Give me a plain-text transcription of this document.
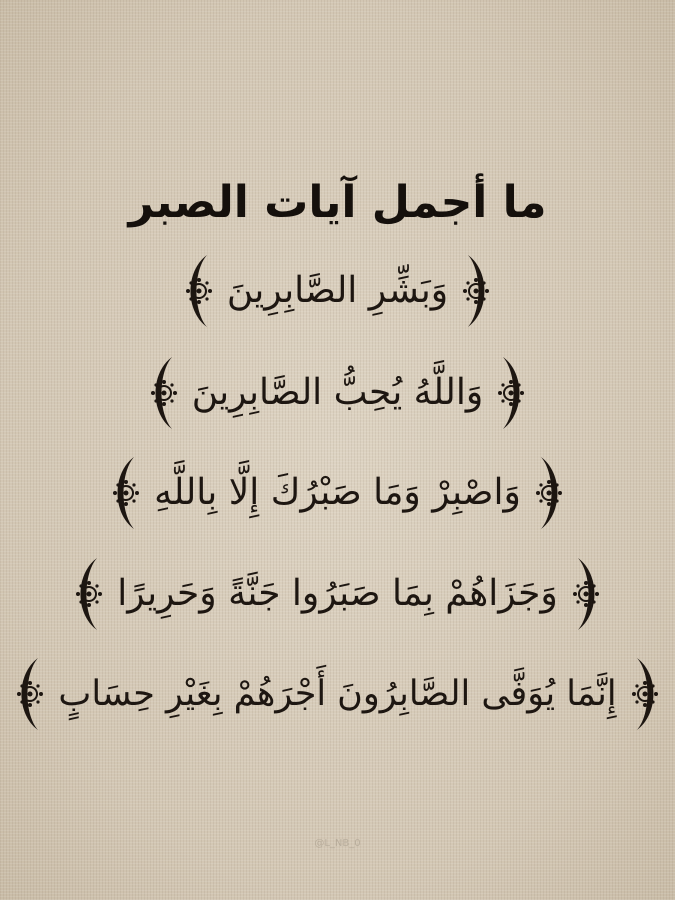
ما أجمل آيات الصبر
وَبَشِّرِ الصَّابِرِينَ
وَاللَّهُ يُحِبُّ الصَّابِرِينَ
وَاصْبِرْ وَمَا صَبْرُكَ إِلَّا بِاللَّهِ
وَجَزَاهُمْ بِمَا صَبَرُوا جَنَّةً وَحَرِيرًا
إِنَّمَا يُوَفَّى الصَّابِرُونَ أَجْرَهُمْ بِغَيْرِ حِسَابٍ
@L_NB_0
